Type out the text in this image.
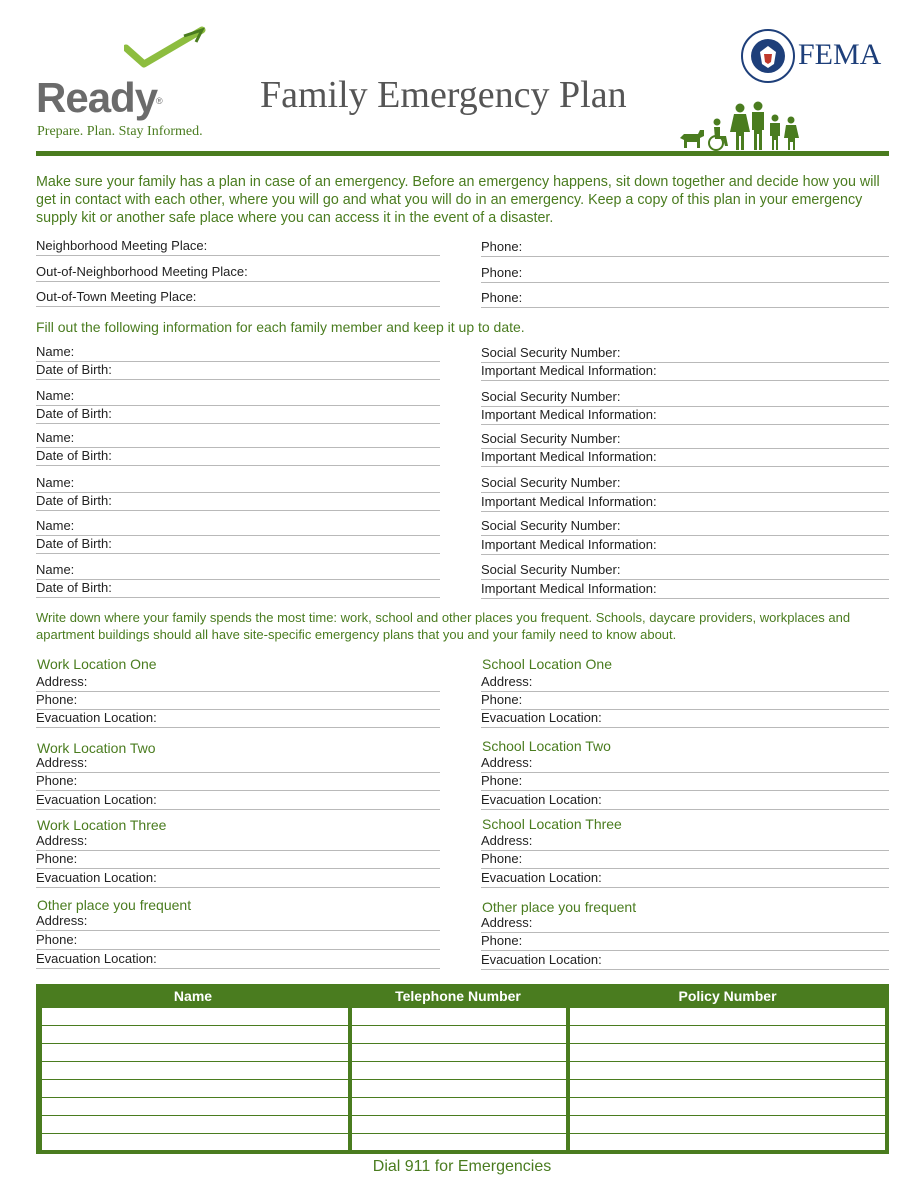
Ready
®
Prepare. Plan. Stay Informed.
Family Emergency Plan
FEMA
Make sure your family has a plan in case of an emergency. Before an emergency happens, sit down together and decide how you will get in contact with each other, where you will go and what you will do in an emergency. Keep a copy of this plan in your emergency supply kit or another safe place where you can access it in the event of a disaster.
Neighborhood Meeting Place:	Phone:
Out-of-Neighborhood Meeting Place:	Phone:
Out-of-Town Meeting Place:	Phone:
Fill out the following information for each family member and keep it up to date.
Name:	Social Security Number:
Date of Birth:	Important Medical Information:
Name:	Social Security Number:
Date of Birth:	Important Medical Information:
Name:	Social Security Number:
Date of Birth:	Important Medical Information:
Name:	Social Security Number:
Date of Birth:	Important Medical Information:
Name:	Social Security Number:
Date of Birth:	Important Medical Information:
Name:	Social Security Number:
Date of Birth:	Important Medical Information:
Write down where your family spends the most time: work, school and other places you frequent. Schools, daycare providers, workplaces and apartment buildings should all have site-specific emergency plans that you and your family need to know about.
Work Location One
Address:
Phone:
Evacuation Location:
Work Location Two
Address:
Phone:
Evacuation Location:
Work Location Three
Address:
Phone:
Evacuation Location:
Other place you frequent
Address:
Phone:
Evacuation Location:
School Location One
Address:
Phone:
Evacuation Location:
School Location Two
Address:
Phone:
Evacuation Location:
School Location Three
Address:
Phone:
Evacuation Location:
Other place you frequent
Address:
Phone:
Evacuation Location:
Name	Telephone Number	Policy Number
Dial 911 for Emergencies
